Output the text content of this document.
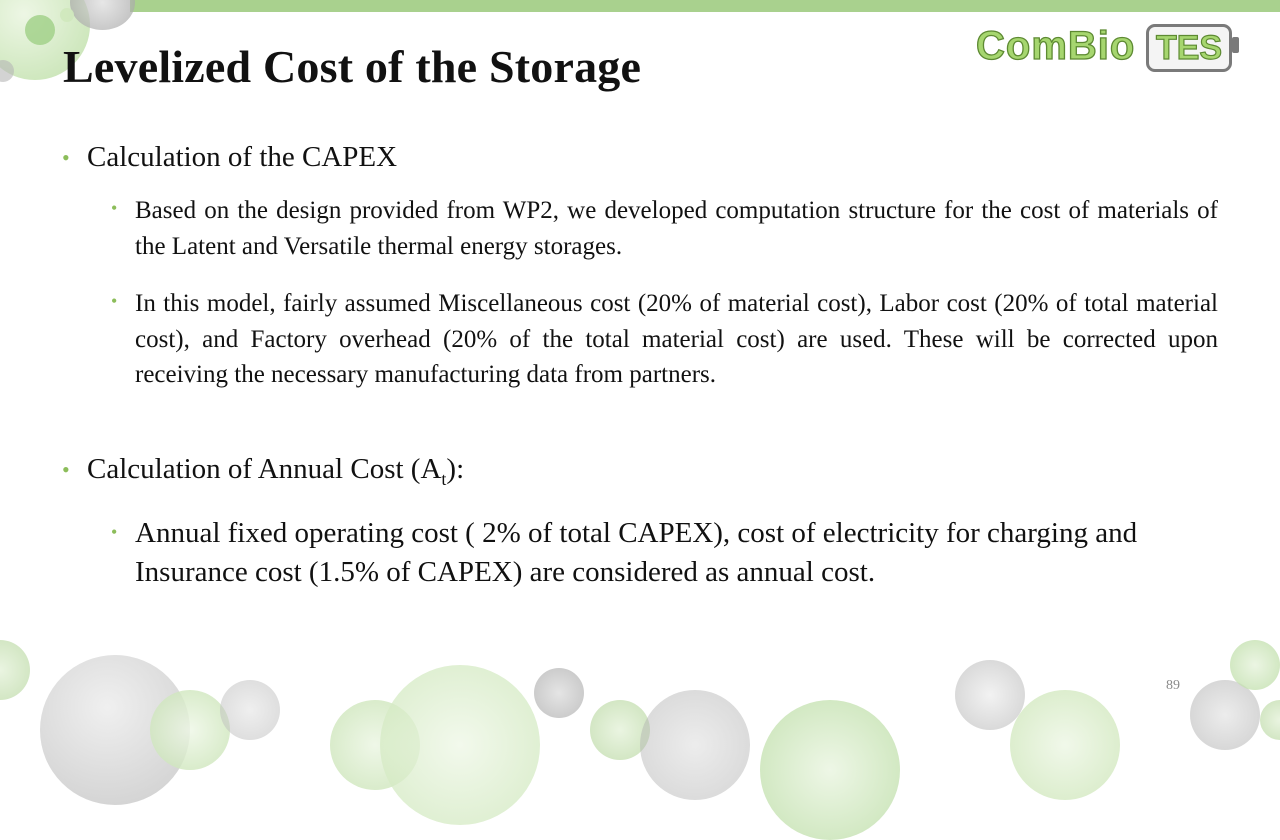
Levelized Cost of the Storage	ComBio TES
• Calculation of the CAPEX
• Based on the design provided from WP2, we developed computation structure for the cost of materials of the Latent and Versatile thermal energy storages.
• In this model, fairly assumed Miscellaneous cost (20% of material cost), Labor cost (20% of total material cost), and Factory overhead (20% of the total material cost) are used. These will be corrected upon receiving the necessary manufacturing data from partners.
• Calculation of Annual Cost $(A_t)$:
• Annual fixed operating cost ( 2% of total CAPEX), cost of electricity for charging and Insurance cost (1.5% of CAPEX) are considered as annual cost.
89
